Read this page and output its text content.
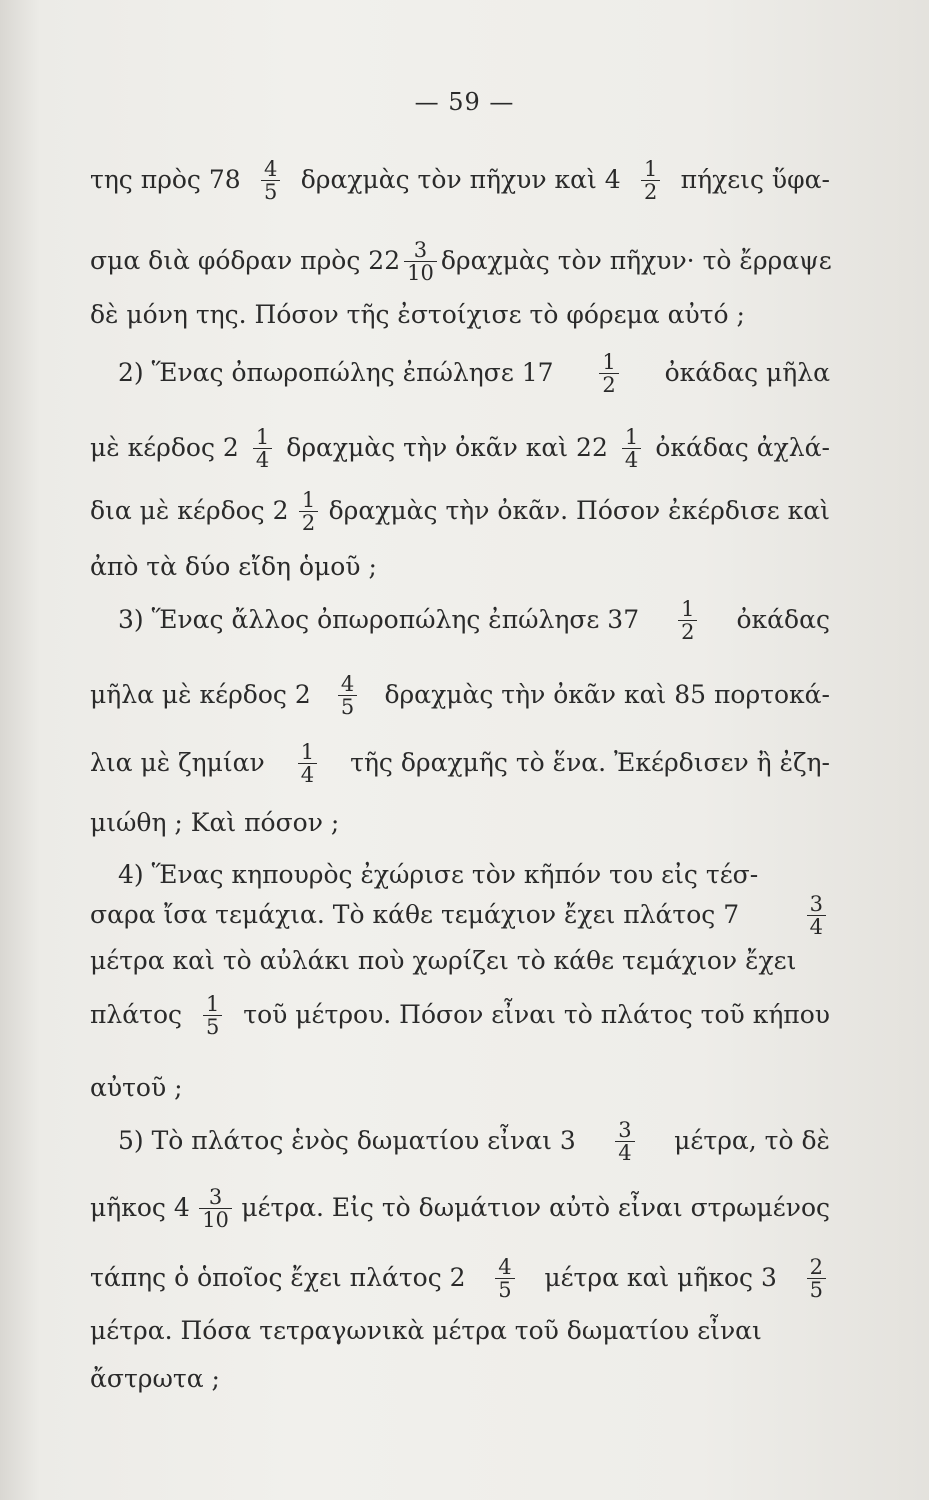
— 59 —
της πρὸς $78 \frac{4}{5}$ δραχμὰς τὸν πῆχυν καὶ $4 \frac{1}{2}$ πήχεις ὕφα-
σμα διὰ φόδραν πρὸς $22 \frac{3}{10}$ δραχμὰς τὸν πῆχυν· τὸ ἔρραψε
δὲ μόνη της. Πόσον τῆς ἐστοίχισε τὸ φόρεμα αὐτό ;
2) Ἕνας ὀπωροπώλης ἐπώλησε $17 \frac{1}{2}$ ὀκάδας μῆλα
μὲ κέρδος $2 \frac{1}{4}$ δραχμὰς τὴν ὀκᾶν καὶ $22 \frac{1}{4}$ ὀκάδας ἀχλά-
δια μὲ κέρδος $2 \frac{1}{2}$ δραχμὰς τὴν ὀκᾶν. Πόσον ἐκέρδισε καὶ
ἀπὸ τὰ δύο εἴδη ὁμοῦ ;
3) Ἕνας ἄλλος ὀπωροπώλης ἐπώλησε $37 \frac{1}{2}$ ὀκάδας
μῆλα μὲ κέρδος $2 \frac{4}{5}$ δραχμὰς τὴν ὀκᾶν καὶ 85 πορτοκά-
λια μὲ ζημίαν $\frac{1}{4}$ τῆς δραχμῆς τὸ ἕνα. Ἐκέρδισεν ἢ ἐζη-
μιώθη ; Καὶ πόσον ;
4) Ἕνας κηπουρὸς ἐχώρισε τὸν κῆπόν του εἰς τέσ-
σαρα ἴσα τεμάχια. Τὸ κάθε τεμάχιον ἔχει πλάτος 7	$\frac{3}{4}$
μέτρα καὶ τὸ αὐλάκι ποὺ χωρίζει τὸ κάθε τεμάχιον ἔχει
πλάτος $\frac{1}{5}$ τοῦ μέτρου. Πόσον εἶναι τὸ πλάτος τοῦ κήπου
αὐτοῦ ;
5) Τὸ πλάτος ἑνὸς δωματίου εἶναι $3 \frac{3}{4} \mu έ\tau\rho\alpha$, τὸ δὲ
μῆκος $4 \frac{3}{10} \mu έ\tau\rho\alpha$. Εἰς τὸ δωμάτιον αὐτὸ εἶναι στρωμένος
τάπης ὁ ὁποῖος ἔχει πλάτος $2 \frac{4}{5}$ μέτρα καὶ μῆκος $3 \frac{2}{5}$
μέτρα. Πόσα τετραγωνικὰ μέτρα τοῦ δωματίου εἶναι
ἄστρωτα ;
